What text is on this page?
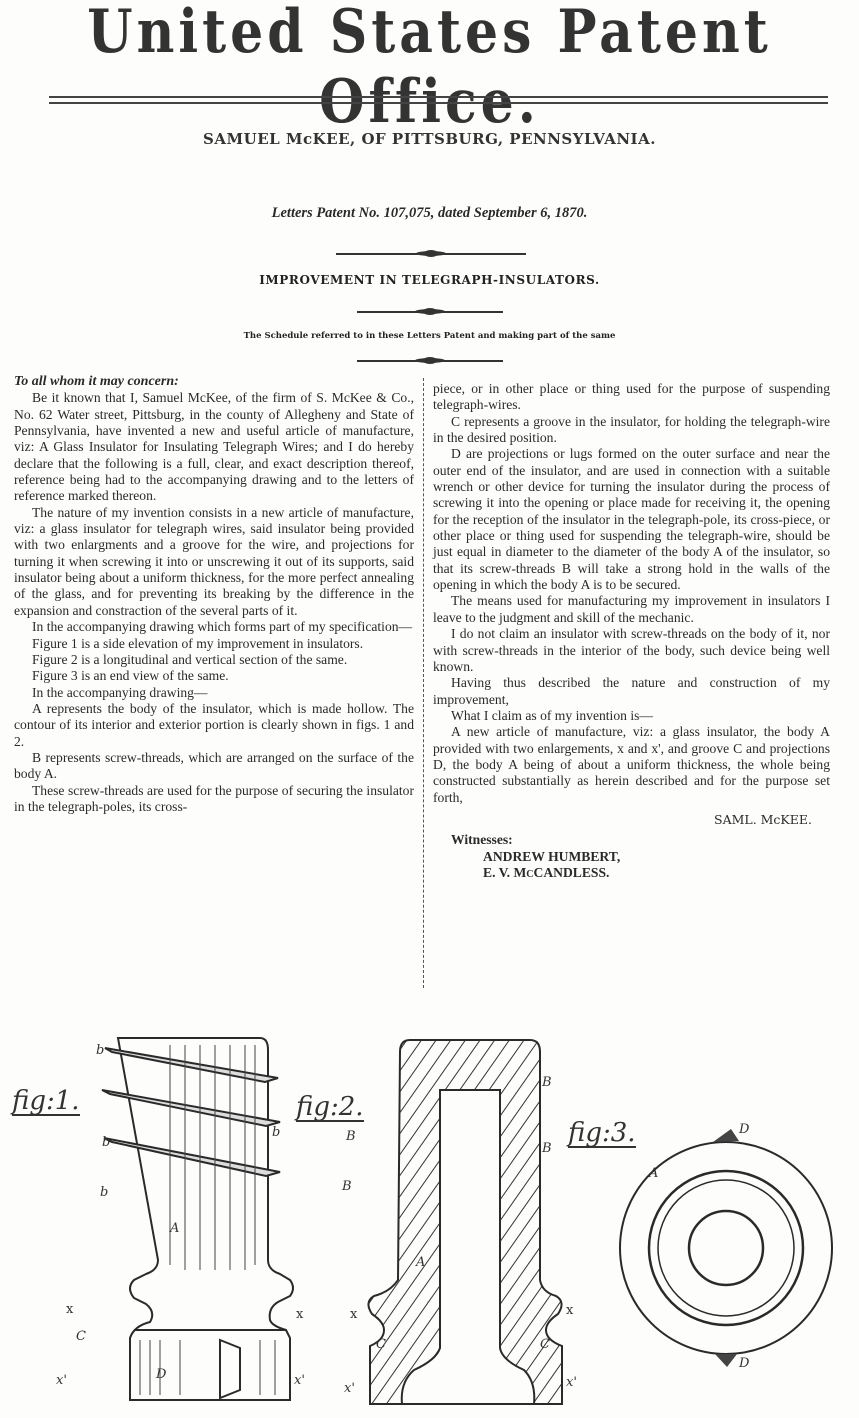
United States Patent Office.
SAMUEL McKEE, OF PITTSBURG, PENNSYLVANIA.
Letters Patent No. 107,075, dated September 6, 1870.
IMPROVEMENT IN TELEGRAPH-INSULATORS.
The Schedule referred to in these Letters Patent and making part of the same

To all whom it may concern:

Be it known that I, Samuel McKee, of the firm of S. McKee & Co., No. 62 Water street, Pittsburg, in the county of Allegheny and State of Pennsylvania, have invented a new and useful article of manufacture, viz: A Glass Insulator for Insulating Telegraph Wires; and I do hereby declare that the following is a full, clear, and exact description thereof, reference being had to the accompanying drawing and to the letters of reference marked thereon.

The nature of my invention consists in a new article of manufacture, viz: a glass insulator for telegraph wires, said insulator being provided with two enlargments and a groove for the wire, and projections for turning it when screwing it into or unscrewing it out of its supports, said insulator being about a uniform thickness, for the more perfect annealing of the glass, and for preventing its breaking by the difference in the expansion and constraction of the several parts of it.

In the accompanying drawing which forms part of my specification—

Figure 1 is a side elevation of my improvement in insulators.

Figure 2 is a longitudinal and vertical section of the same.

Figure 3 is an end view of the same.

In the accompanying drawing—

A represents the body of the insulator, which is made hollow. The contour of its interior and exterior portion is clearly shown in figs. 1 and 2.

B represents screw-threads, which are arranged on the surface of the body A.

These screw-threads are used for the purpose of securing the insulator in the telegraph-poles, its cross-

piece, or in other place or thing used for the purpose of suspending telegraph-wires.

C represents a groove in the insulator, for holding the telegraph-wire in the desired position.

D are projections or lugs formed on the outer surface and near the outer end of the insulator, and are used in connection with a suitable wrench or other device for turning the insulator during the process of screwing it into the opening or place made for receiving it, the opening for the reception of the insulator in the telegraph-pole, its cross-piece, or other place or thing used for suspending the telegraph-wire, should be just equal in diameter to the diameter of the body A of the insulator, so that its screw-threads B will take a strong hold in the walls of the opening in which the body A is to be secured.

The means used for manufacturing my improvement in insulators I leave to the judgment and skill of the mechanic.

I do not claim an insulator with screw-threads on the body of it, nor with screw-threads in the interior of the body, such device being well known.

Having thus described the nature and construction of my improvement,

What I claim as of my invention is—

A new article of manufacture, viz: a glass insulator, the body A provided with two enlargements, x and x', and groove C and projections D, the body A being of about a uniform thickness, the whole being constructed substantially as herein described and for the purpose set forth,

SAML. McKEE.
Witnesses:
ANDREW HUMBERT,
E. V. McCANDLESS.
fig:1.	fig:2.
fig:3.
b
b
b
b
A
x	x
C
x'	x'
D
B
B
B
B
A
x	x
C	C
x'	x'
A
D
D
